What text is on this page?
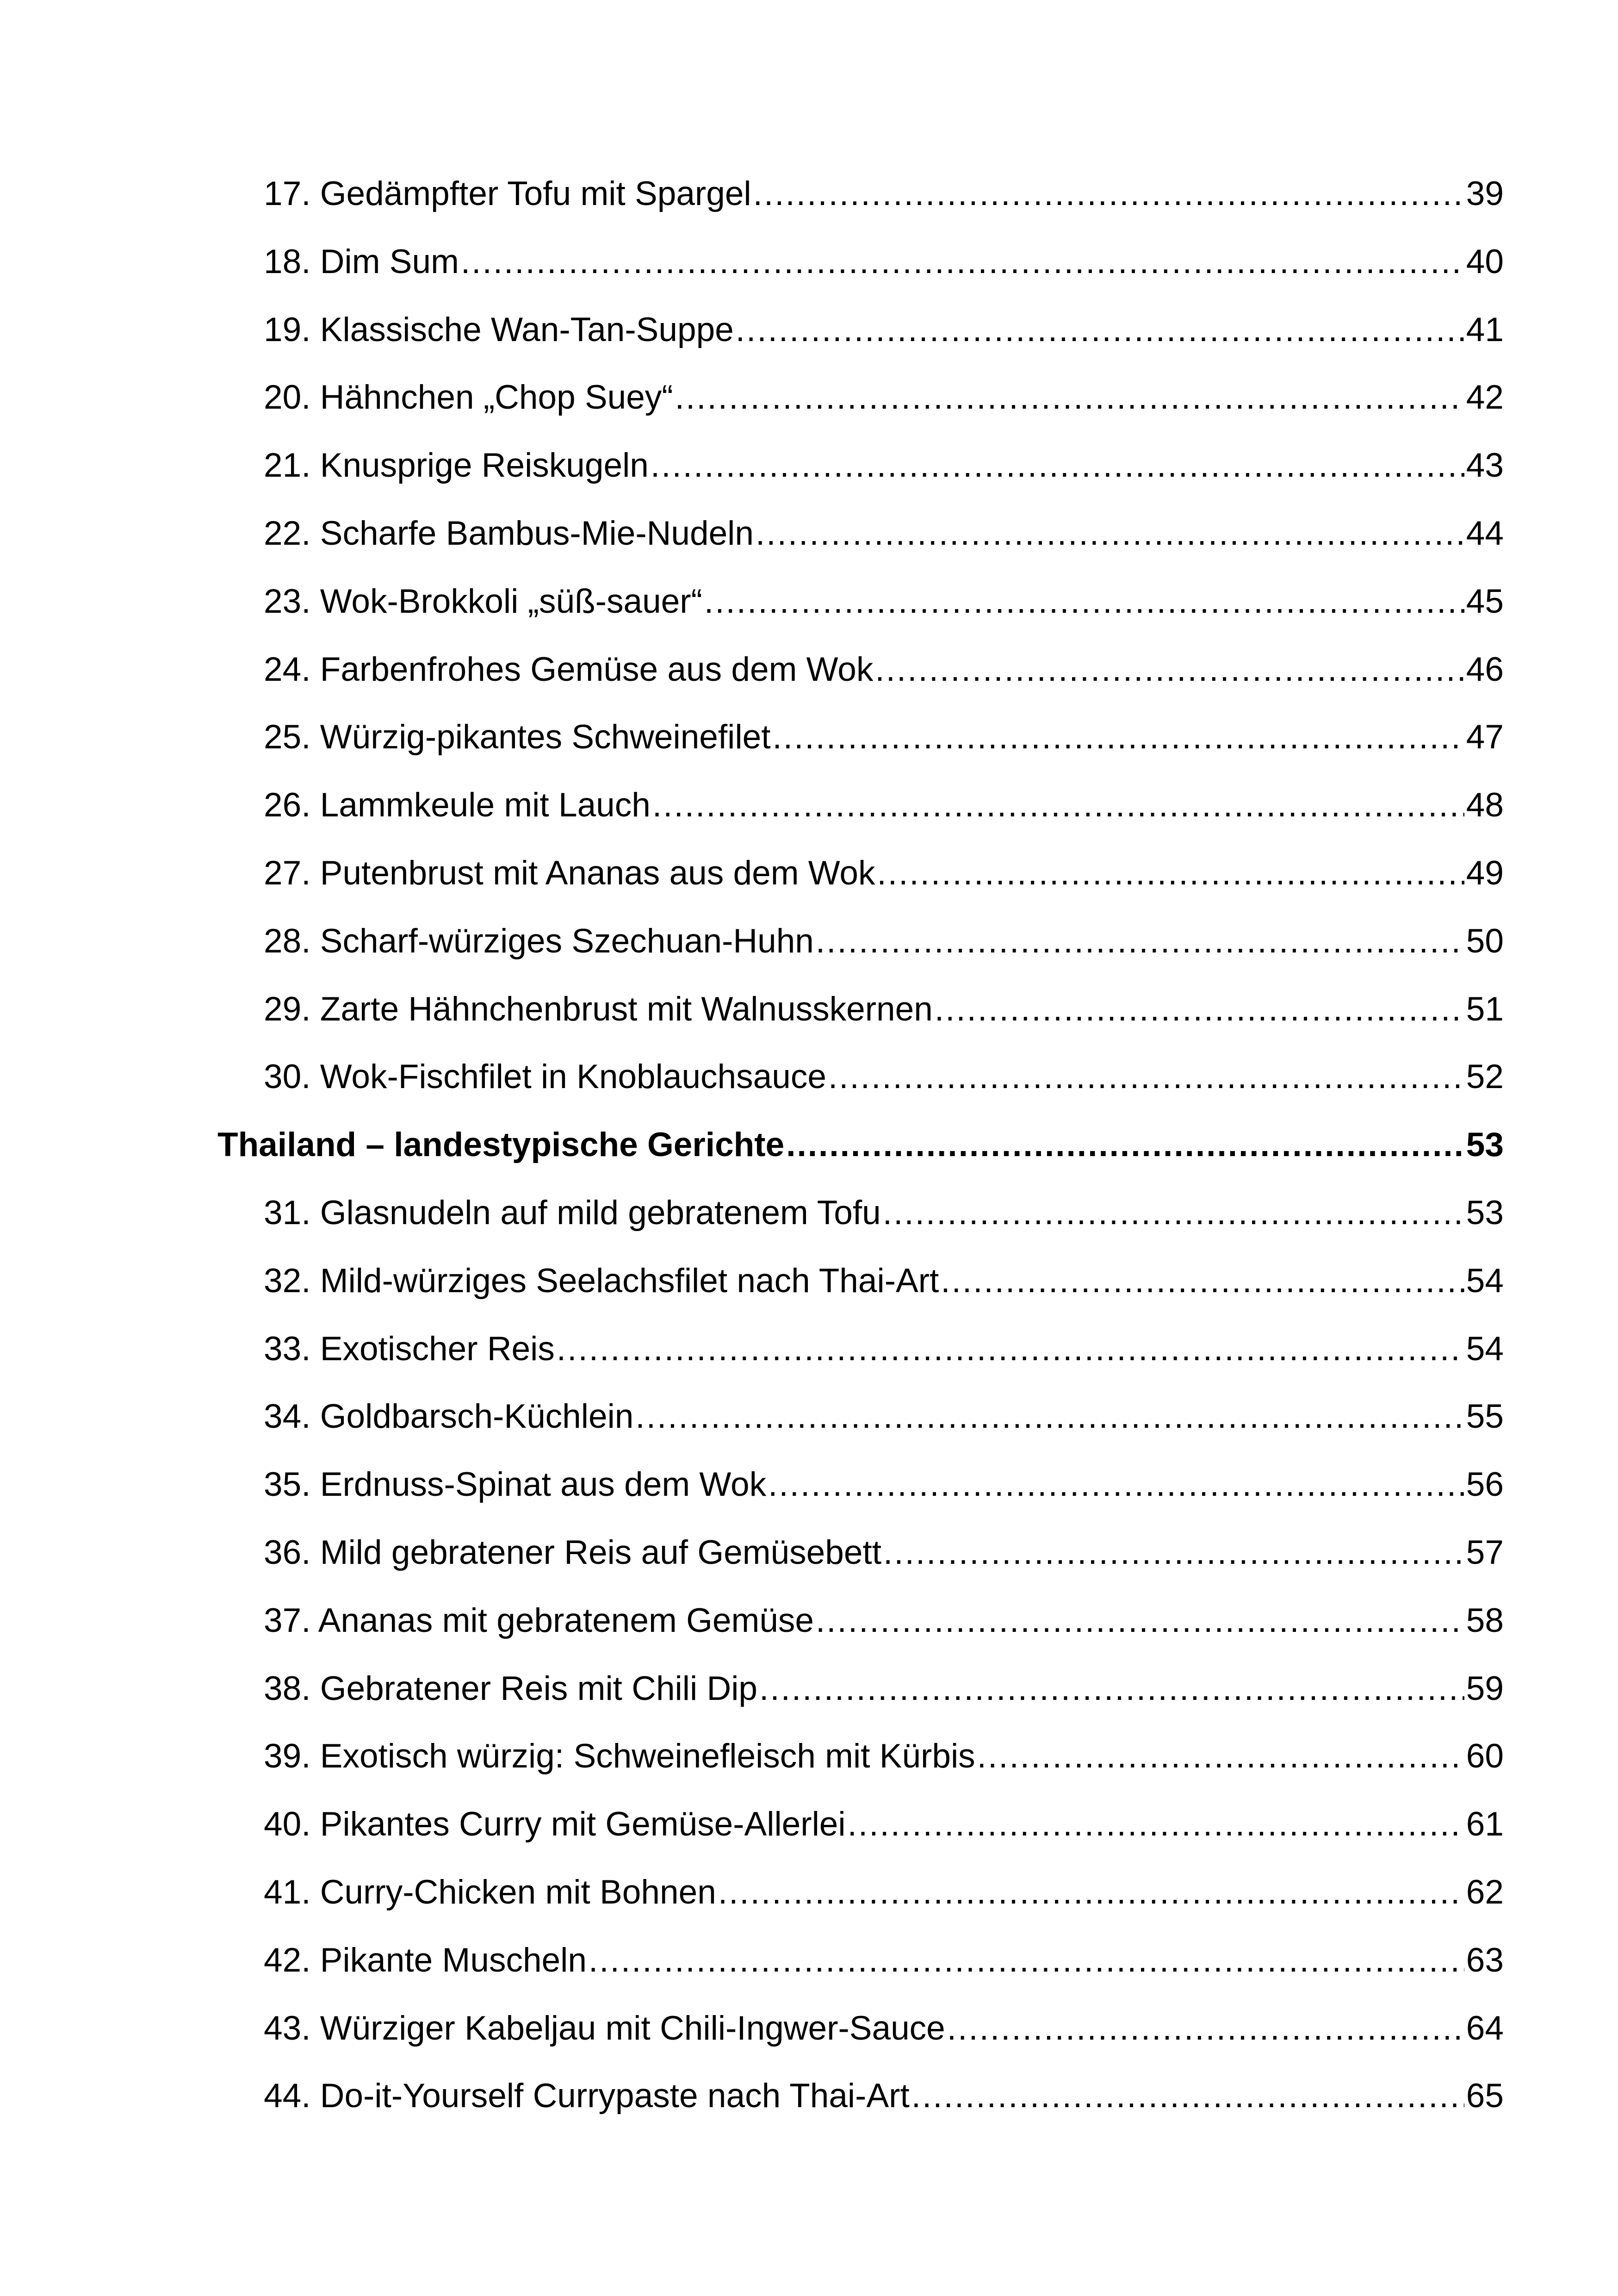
17. Gedämpfter Tofu mit Spargel .....	39
18. Dim Sum .....	40
19. Klassische Wan-Tan-Suppe .....	41
20. Hähnchen „Chop Suey“ .....	42
21. Knusprige Reiskugeln .....	43
22. Scharfe Bambus-Mie-Nudeln .....	44
23. Wok-Brokkoli „süß-sauer“ .....	45
24. Farbenfrohes Gemüse aus dem Wok .....	46
25. Würzig-pikantes Schweinefilet .....	47
26. Lammkeule mit Lauch .....	48
27. Putenbrust mit Ananas aus dem Wok .....	49
28. Scharf-würziges Szechuan-Huhn .....	50
29. Zarte Hähnchenbrust mit Walnusskernen .....	51
30. Wok-Fischfilet in Knoblauchsauce .....	52
Thailand – landestypische Gerichte .....	53
31. Glasnudeln auf mild gebratenem Tofu .....	53
32. Mild-würziges Seelachsfilet nach Thai-Art .....	54
33. Exotischer Reis .....	54
34. Goldbarsch-Küchlein .....	55
35. Erdnuss-Spinat aus dem Wok .....	56
36. Mild gebratener Reis auf Gemüsebett .....	57
37. Ananas mit gebratenem Gemüse .....	58
38. Gebratener Reis mit Chili Dip .....	59
39. Exotisch würzig: Schweinefleisch mit Kürbis .....	60
40. Pikantes Curry mit Gemüse-Allerlei .....	61
41. Curry-Chicken mit Bohnen .....	62
42. Pikante Muscheln .....	63
43. Würziger Kabeljau mit Chili-Ingwer-Sauce .....	64
44. Do-it-Yourself Currypaste nach Thai-Art .....	65
